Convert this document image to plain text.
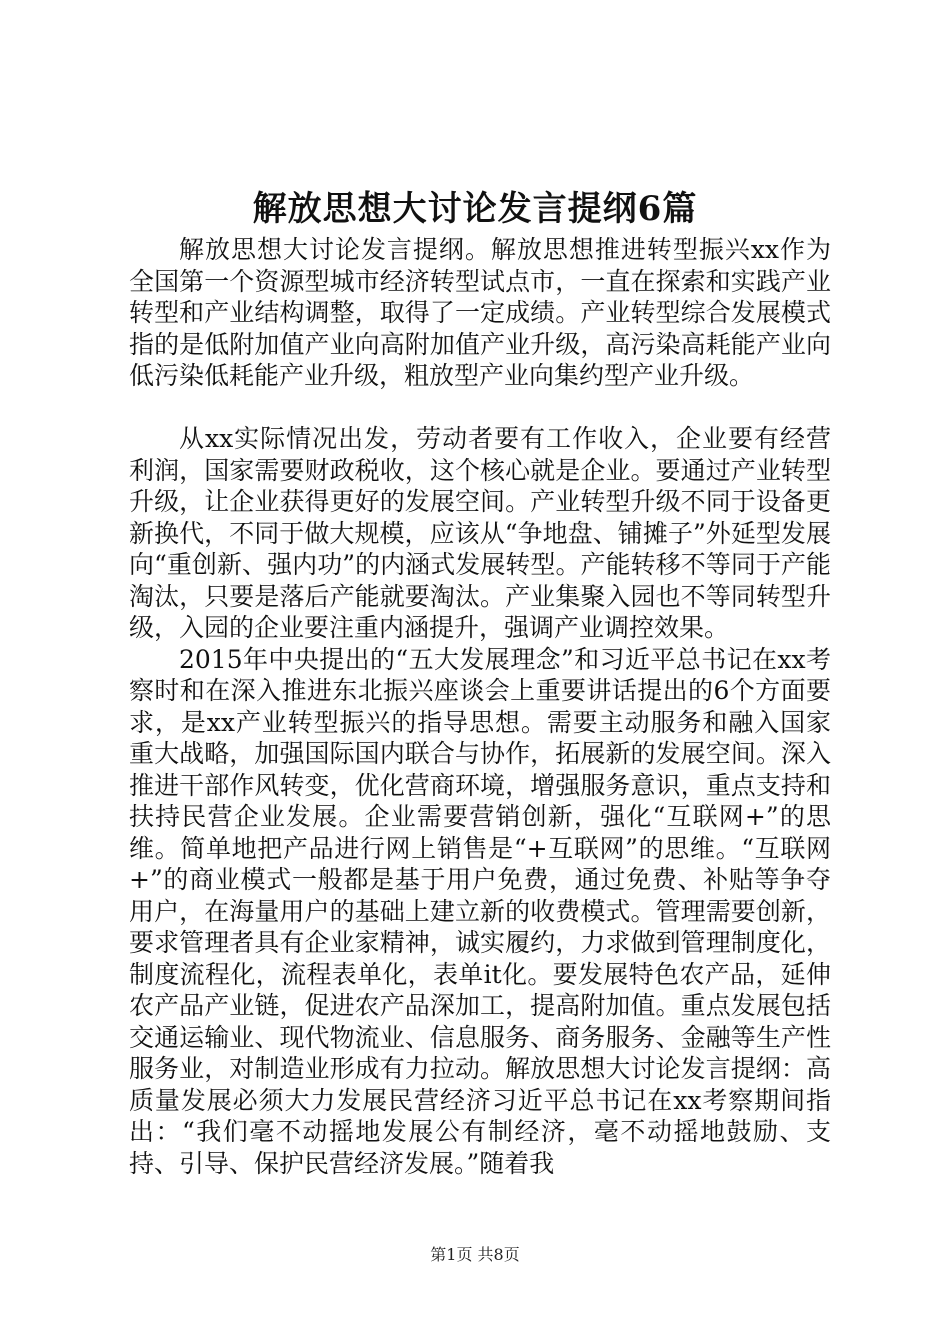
解放思想大讨论发言提纲6篇

解放思想大讨论发言提纲。解放思想推进转型振兴xx作为全国第一个资源型城市经济转型试点市，一直在探索和实践产业转型和产业结构调整，取得了一定成绩。产业转型综合发展模式指的是低附加值产业向高附加值产业升级，高污染高耗能产业向低污染低耗能产业升级，粗放型产业向集约型产业升级。

从xx实际情况出发，劳动者要有工作收入，企业要有经营利润，国家需要财政税收，这个核心就是企业。要通过产业转型升级，让企业获得更好的发展空间。产业转型升级不同于设备更新换代，不同于做大规模，应该从“争地盘、铺摊子”外延型发展向“重创新、强内功”的内涵式发展转型。产能转移不等同于产能淘汰，只要是落后产能就要淘汰。产业集聚入园也不等同转型升级，入园的企业要注重内涵提升，强调产业调控效果。

2015年中央提出的“五大发展理念”和习近平总书记在xx考察时和在深入推进东北振兴座谈会上重要讲话提出的6个方面要求，是xx产业转型振兴的指导思想。需要主动服务和融入国家重大战略，加强国际国内联合与协作，拓展新的发展空间。深入推进干部作风转变，优化营商环境，增强服务意识，重点支持和扶持民营企业发展。企业需要营销创新，强化“互联网+”的思维。简单地把产品进行网上销售是“+互联网”的思维。“互联网+”的商业模式一般都是基于用户免费，通过免费、补贴等争夺用户，在海量用户的基础上建立新的收费模式。管理需要创新，要求管理者具有企业家精神，诚实履约，力求做到管理制度化，制度流程化，流程表单化，表单it化。要发展特色农产品，延伸农产品产业链，促进农产品深加工，提高附加值。重点发展包括交通运输业、现代物流业、信息服务、商务服务、金融等生产性服务业，对制造业形成有力拉动。解放思想大讨论发言提纲：高质量发展必须大力发展民营经济习近平总书记在xx考察期间指出：“我们毫不动摇地发展公有制经济，毫不动摇地鼓励、支持、引导、保护民营经济发展。”随着我

第1页 共8页
